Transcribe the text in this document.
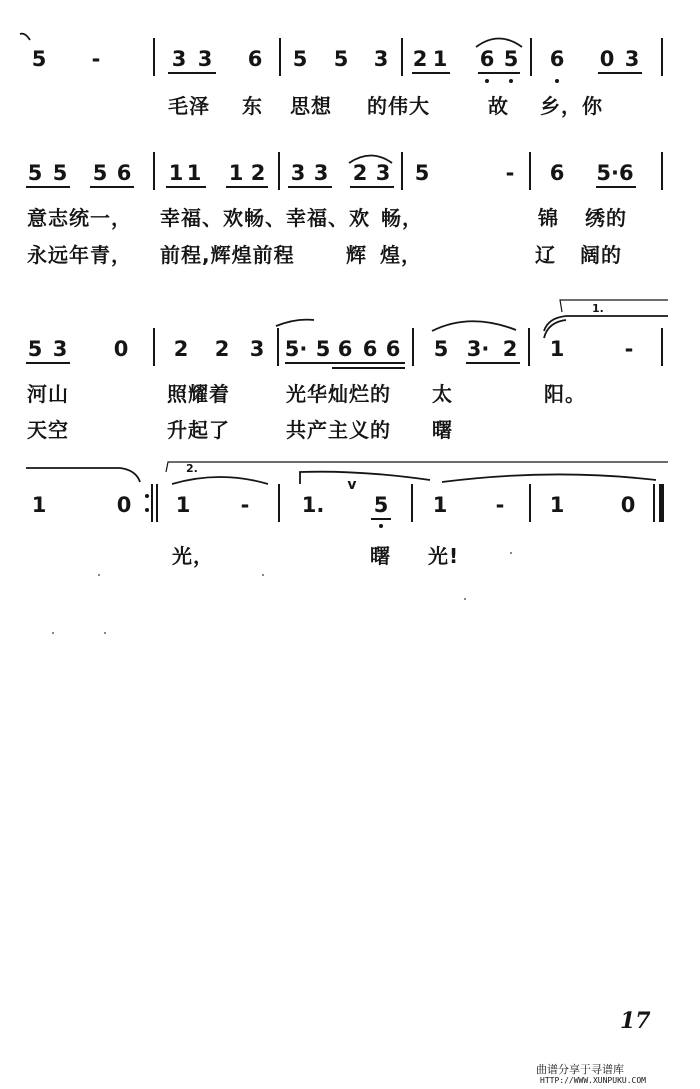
5 -	3 3 6 5 5 3 2 1 6 5 6 0 3
毛泽 东 思想 的伟大	故 乡，你
5 5 5 6 1 1 1 2 3 3 2 3 5	- 6 5·6
意志统一， 幸福、欢畅、幸福、欢 畅，	锦 绣的
永远年青， 前程,辉煌前程	辉 煌，	辽 阔的
5 3 0 2 2 3 5· 5 6 6 6 5 3· 2 1	-
1.
河山	照耀着	光华灿烂的 太	阳。
天空	升起了	共产主义的 曙
1	0 1 - 1.
v
5 1 - 1	0
2.
光，	曙 光!
17
曲谱分享于寻谱库
HTTP://WWW.XUNPUKU.COM
